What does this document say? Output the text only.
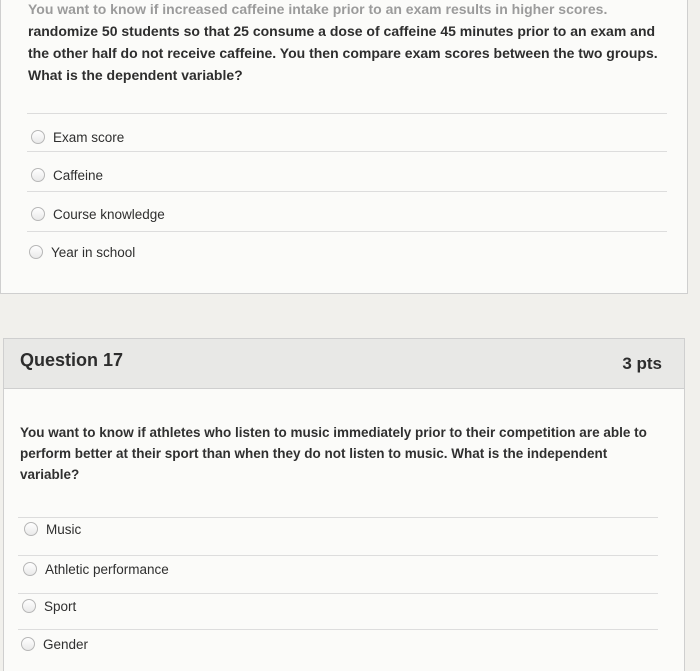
You want to know if increased caffeine intake prior to an exam results in higher scores. randomize 50 students so that 25 consume a dose of caffeine 45 minutes prior to an exam and the other half do not receive caffeine. You then compare exam scores between the two groups. What is the dependent variable?
Exam score
Caffeine
Course knowledge
Year in school
Question 17	3 pts
You want to know if athletes who listen to music immediately prior to their competition are able to perform better at their sport than when they do not listen to music. What is the independent variable?
Music
Athletic performance
Sport
Gender
